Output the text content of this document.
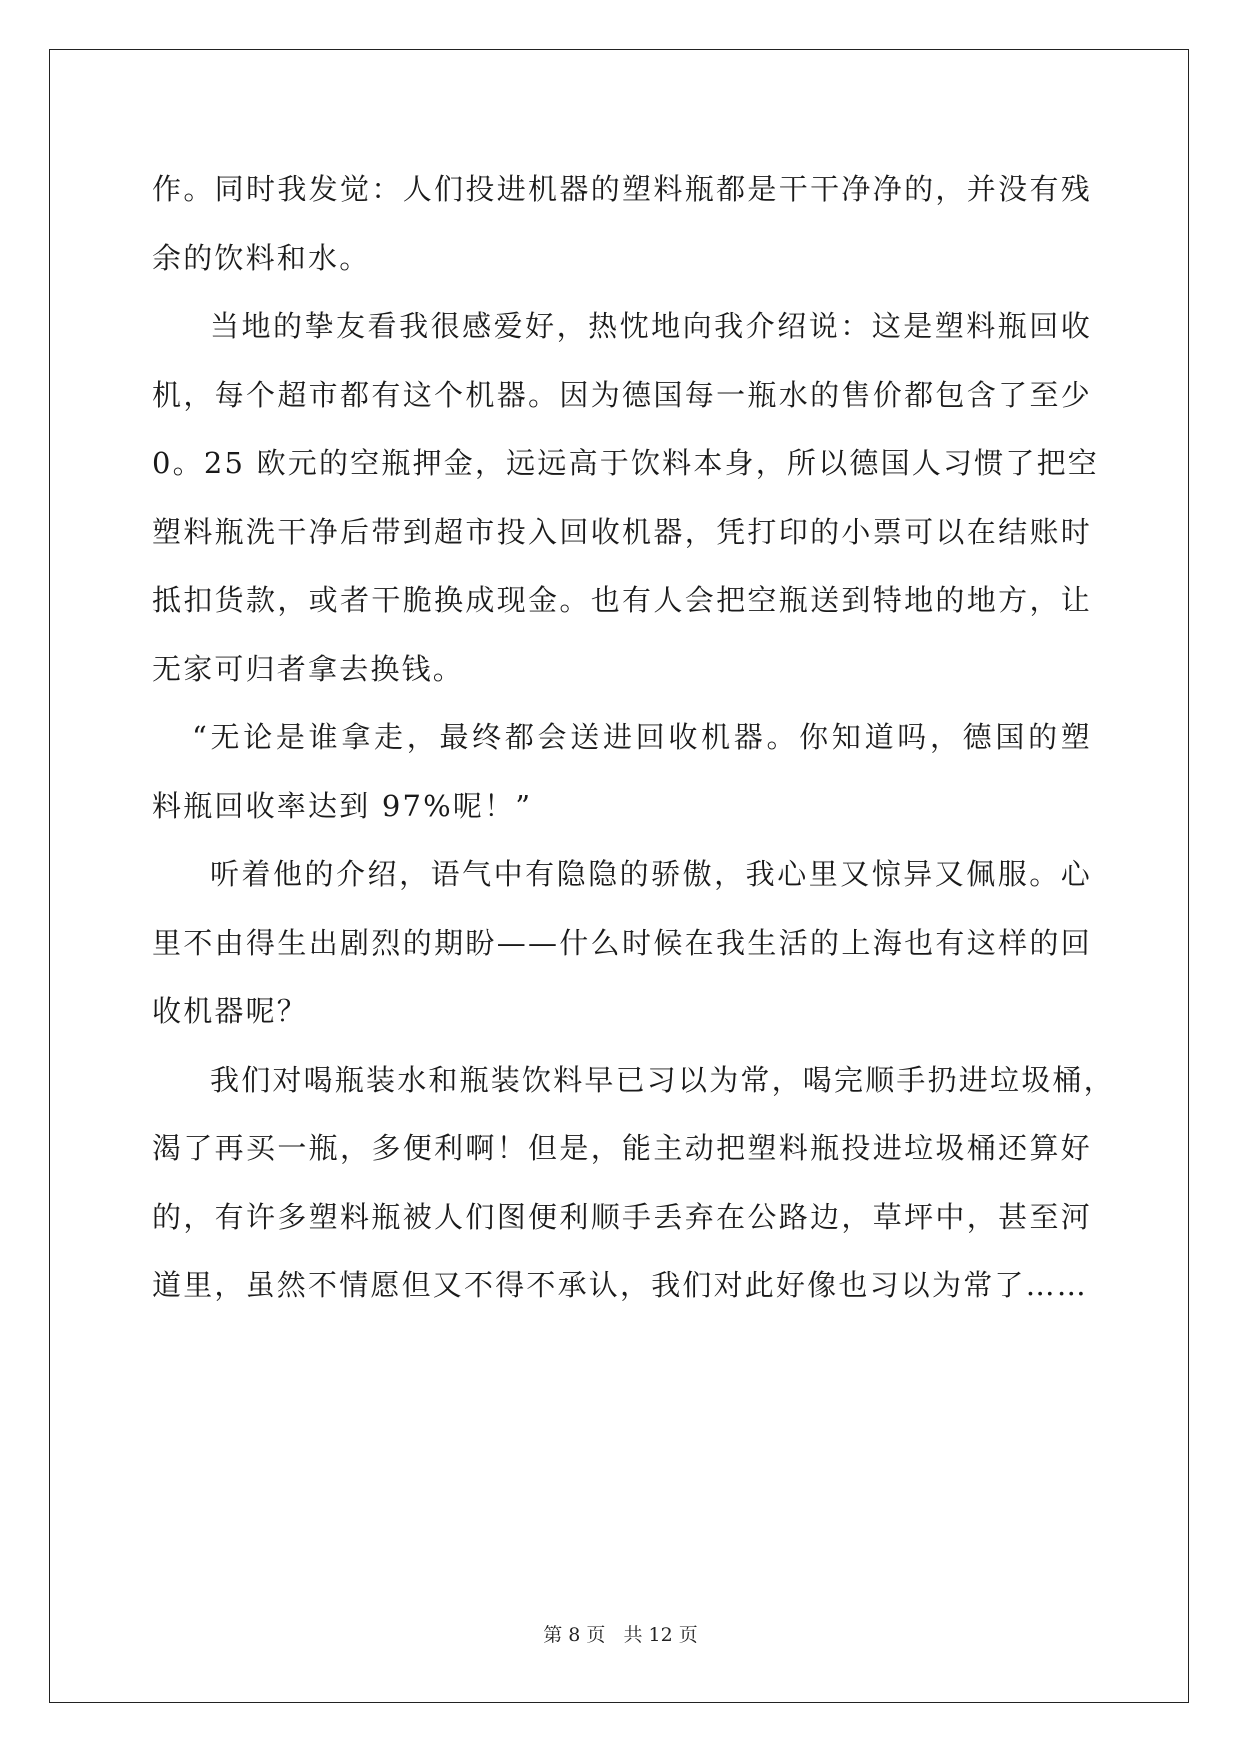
作。同时我发觉：人们投进机器的塑料瓶都是干干净净的，并没有残
余的饮料和水。
当地的挚友看我很感爱好，热忱地向我介绍说：这是塑料瓶回收
机，每个超市都有这个机器。因为德国每一瓶水的售价都包含了至少
0。25 欧元的空瓶押金，远远高于饮料本身，所以德国人习惯了把空
塑料瓶洗干净后带到超市投入回收机器，凭打印的小票可以在结账时
抵扣货款，或者干脆换成现金。也有人会把空瓶送到特地的地方，让
无家可归者拿去换钱。
“无论是谁拿走，最终都会送进回收机器。你知道吗，德国的塑
料瓶回收率达到 97%呢！”
听着他的介绍，语气中有隐隐的骄傲，我心里又惊异又佩服。心
里不由得生出剧烈的期盼——什么时候在我生活的上海也有这样的回
收机器呢？
我们对喝瓶装水和瓶装饮料早已习以为常，喝完顺手扔进垃圾桶，
渴了再买一瓶，多便利啊！但是，能主动把塑料瓶投进垃圾桶还算好
的，有许多塑料瓶被人们图便利顺手丢弃在公路边，草坪中，甚至河
道里，虽然不情愿但又不得不承认，我们对此好像也习以为常了……
第 8 页 共 12 页
